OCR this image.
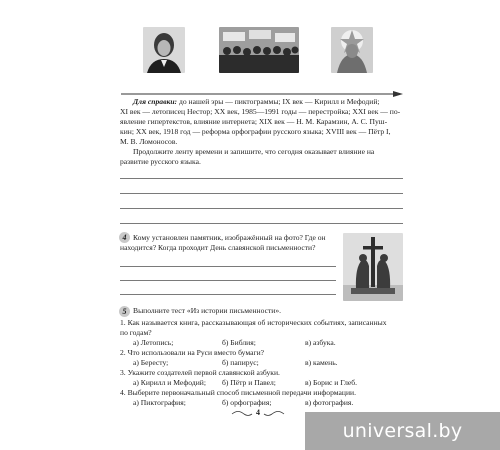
Для справки: до нашей эры — пиктограммы; IX век — Кирилл и Мефодий;
XI век — летописец Нестор; XX век, 1985—1991 годы — перестройка; XXI век — по-
явление гипертекстов, влияние интернета; XIX век — Н. М. Карамзин, А. С. Пуш-
кин; XX век, 1918 год — реформа орфографии русского языка; XVIII век — Пётр I,
М. В. Ломоносов.
Продолжите ленту времени и запишите, что сегодня оказывает влияние на
развитие русского языка.
4 Кому установлен памятник, изображённый на фото? Где он
находится? Когда проходит День славянской письменности?
5 Выполните тест «Из истории письменности».
1. Как называется книга, рассказывающая об исторических событиях, записанных
по годам?
а) Летопись;	б) Библия;	в) азбука.
2. Что использовали на Руси вместо бумаги?
а) Бересту;	б) папирус;	в) камень.
3. Укажите создателей первой славянской азбуки.
а) Кирилл и Мефодий; б) Пётр и Павел;	в) Борис и Глеб.
4. Выберите первоначальный способ письменной передачи информации.
а) Пиктография;	б) орфография;	в) фотография.
4
universal.by
